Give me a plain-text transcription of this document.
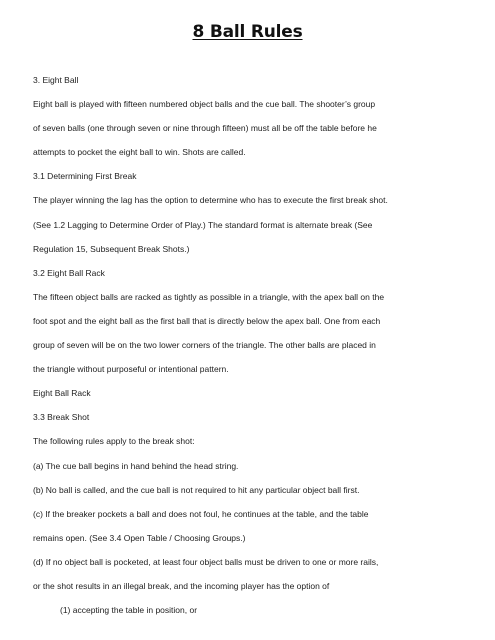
8 Ball Rules
3. Eight Ball
Eight ball is played with fifteen numbered object balls and the cue ball. The shooter’s group
of seven balls (one through seven or nine through fifteen) must all be off the table before he
attempts to pocket the eight ball to win. Shots are called.
3.1 Determining First Break
The player winning the lag has the option to determine who has to execute the first break shot.
(See 1.2 Lagging to Determine Order of Play.) The standard format is alternate break (See
Regulation 15, Subsequent Break Shots.)
3.2 Eight Ball Rack
The fifteen object balls are racked as tightly as possible in a triangle, with the apex ball on the
foot spot and the eight ball as the first ball that is directly below the apex ball. One from each
group of seven will be on the two lower corners of the triangle. The other balls are placed in
the triangle without purposeful or intentional pattern.
Eight Ball Rack
3.3 Break Shot
The following rules apply to the break shot:
(a) The cue ball begins in hand behind the head string.
(b) No ball is called, and the cue ball is not required to hit any particular object ball first.
(c) If the breaker pockets a ball and does not foul, he continues at the table, and the table
remains open. (See 3.4 Open Table / Choosing Groups.)
(d) If no object ball is pocketed, at least four object balls must be driven to one or more rails,
or the shot results in an illegal break, and the incoming player has the option of
(1) accepting the table in position, or
